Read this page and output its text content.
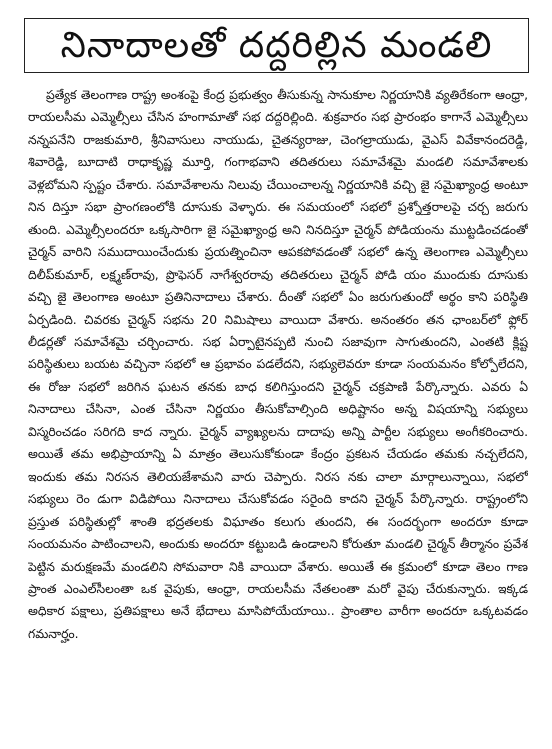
నినాదాలతో దద్దరిల్లిన మండలి

ప్రత్యేక తెలంగాణ రాష్ట్ర అంశంపై కేంద్ర ప్రభుత్వం తీసుకున్న సానుకూల నిర్ణయానికి వ్యతిరేకంగా ఆంధ్రా, రాయలసీమ ఎమ్మెల్సీలు చేసిన హంగామాతో సభ దద్దరిల్లింది. శుక్రవారం సభ ప్రారంభం కాగానే ఎమ్మెల్సీలు నన్నపనేని రాజకుమారి, శ్రీనివాసులు నాయుడు, చైతన్యరాజు, చెంగల్రాయుడు, వైఎస్ వివేకానందరెడ్డి, శివారెడ్డి, బూదాటి రాధాకృష్ణ మూర్తి, గంగాభవాని తదితరులు సమావేశమై మండలి సమావేశాలకు వెళ్లబోమని స్పష్టం చేశారు. సమావేశాలను నిలువు చేయించాలన్న నిర్ణయానికి వచ్చి జై సమైఖ్యాంధ్ర అంటూ నిన దిస్తూ సభా ప్రాంగణంలోకి దూసుకు వెళ్ళారు. ఈ సమయంలో సభలో ప్రశ్నోత్తరాలపై చర్చ జరుగు తుంది. ఎమ్మెల్సీలందరూ ఒక్కసారిగా జై సమైఖ్యాంధ్ర అని నినదిస్తూ చైర్మన్ పోడియంను ముట్టడించడంతో చైర్మన్ వారిని సముదాయించేందుకు ప్రయత్నించినా ఆపకపోవడంతో సభలో ఉన్న తెలంగాణ ఎమ్మెల్సీలు దిలీప్‌కుమార్, లక్ష్మణ్‌రావు, ప్రొఫెసర్ నాగేశ్వరరావు తదితరులు చైర్మన్ పోడి యం ముందుకు దూసుకు వచ్చి జై తెలంగాణ అంటూ ప్రతినినాదాలు చేశారు. దీంతో సభలో ఏం జరుగుతుందో అర్థం కాని పరిస్థితి ఏర్పడింది. చివరకు చైర్మన్ సభను 20 నిమిషాలు వాయిదా వేశారు. అనంతరం తన ఛాంబర్‌లో ఫ్లోర్ లీడర్లతో సమావేశమై చర్చించారు. సభ ఏర్పాటైనప్పటి నుంచి సజావుగా సాగుతుందని, ఎంతటి క్లిష్ట పరిస్థితులు బయట వచ్చినా సభలో ఆ ప్రభావం పడలేదని, సభ్యులెవరూ కూడా సంయమనం కోల్పోలేదని, ఈ రోజు సభలో జరిగిన ఘటన తనకు బాధ కలిగిస్తుందని చైర్మన్ చక్రపాణి పేర్కొన్నారు. ఎవరు ఏ నినాదాలు చేసినా, ఎంత చేసినా నిర్ణయం తీసుకోవాల్సింది అధిష్టానం అన్న విషయాన్ని సభ్యులు విస్మరించడం సరిగది కాద న్నారు. చైర్మన్ వ్యాఖ్యలను దాదాపు అన్ని పార్టీల సభ్యులు అంగీకరించారు. అయితే తమ అభిప్రాయాన్ని ఏ మాత్రం తెలుసుకోకుండా కేంద్రం ప్రకటన చేయడం తమకు నచ్చలేదని, ఇందుకు తమ నిరసన తెలియజేశామని వారు చెప్పారు. నిరస నకు చాలా మార్గాలున్నాయి, సభలో సభ్యులు రెం డుగా విడిపోయి నినాదాలు చేసుకోవడం సరైంది కాదని చైర్మన్ పేర్కొన్నారు. రాష్ట్రంలోని ప్రస్తుత పరిస్థితుల్లో శాంతి భద్రతలకు విఘాతం కలుగు తుందని, ఈ సందర్భంగా అందరూ కూడా సంయమనం పాటించాలని, అందుకు అందరూ కట్టుబడి ఉండాలని కోరుతూ మండలి చైర్మన్ తీర్మానం ప్రవేశ పెట్టిన మరుక్షణమే మండలిని సోమవారా నికి వాయిదా వేశారు. అయితే ఈ క్రమంలో కూడా తెలం గాణ ప్రాంత ఎంఎల్‌సీలంతా ఒక వైపుకు, ఆంధ్రా, రాయలసీమ నేతలంతా మరో వైపు చేరుకున్నారు. ఇక్కడ అధికార పక్షాలు, ప్రతిపక్షాలు అనే భేదాలు మాసిపోయేయాయి.. ప్రాంతాల వారీగా అందరూ ఒక్కటవడం గమనార్హం.
